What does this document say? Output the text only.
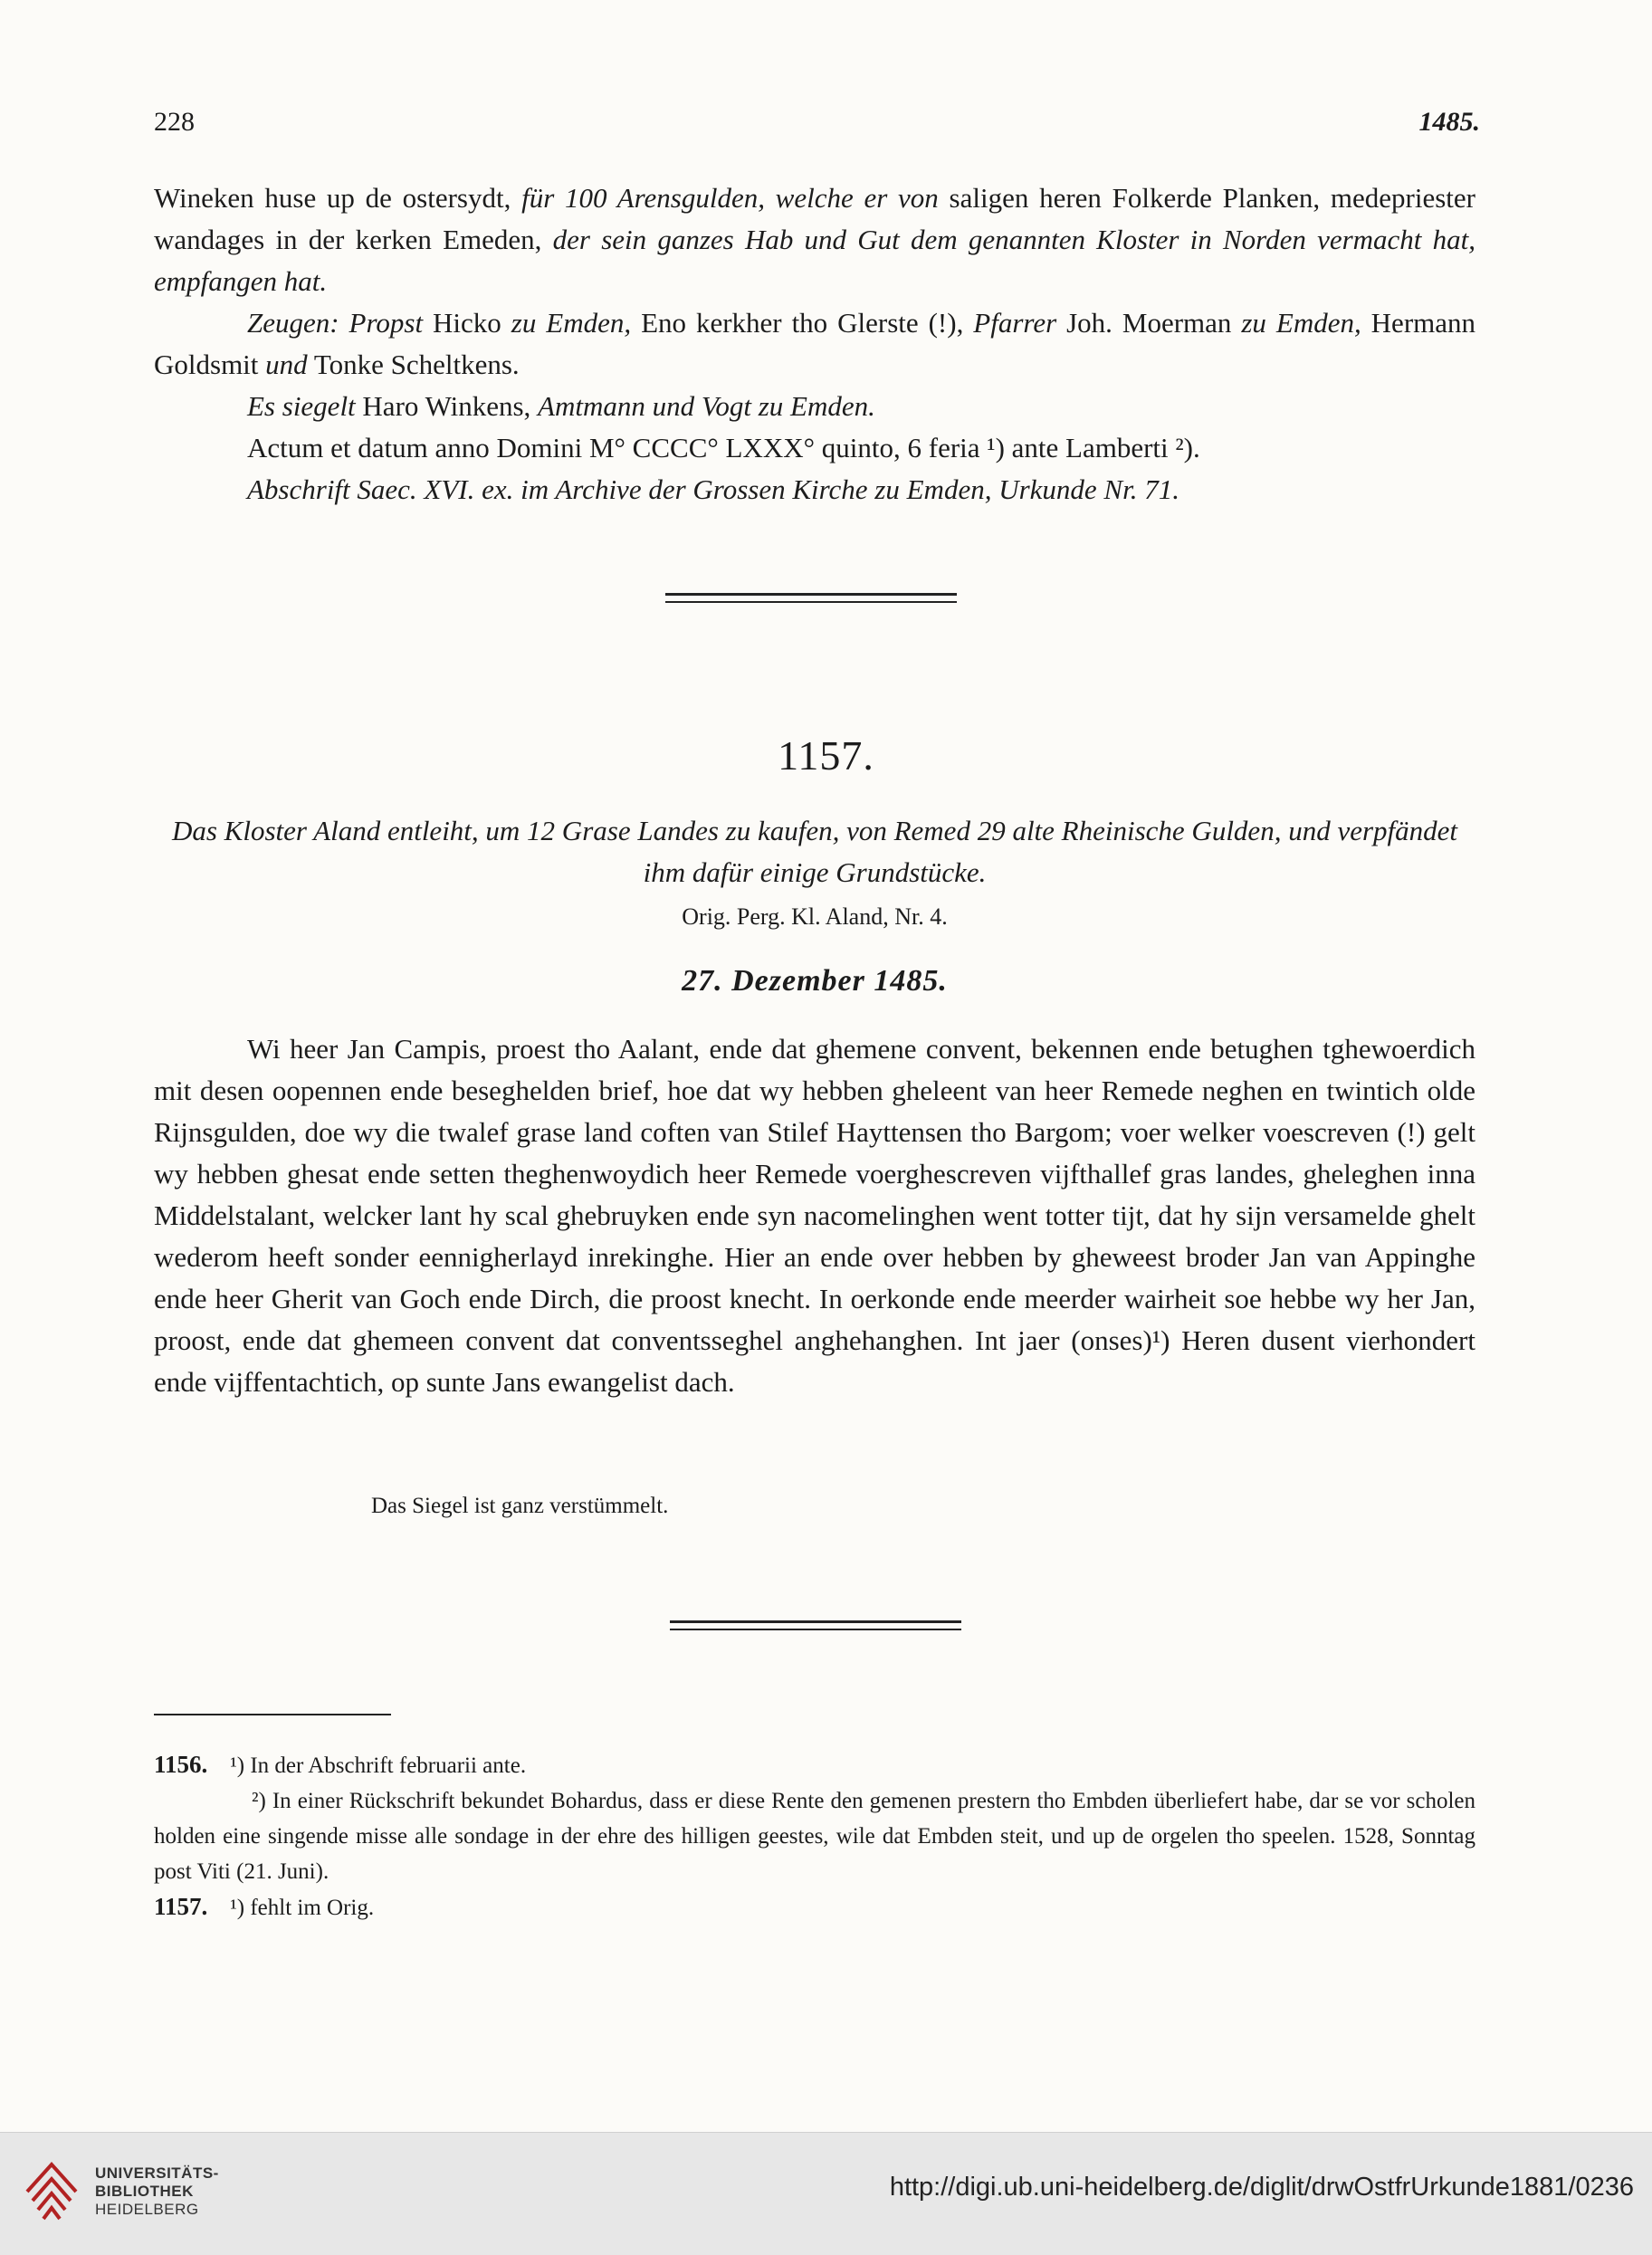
228	1485.

Wineken huse up de ostersydt, für 100 Arensgulden, welche er von saligen heren Folkerde Planken, medepriester wandages in der kerken Emeden, der sein ganzes Hab und Gut dem genannten Kloster in Norden vermacht hat, empfangen hat.

Zeugen: Propst Hicko zu Emden, Eno kerkher tho Glerste (!), Pfarrer Joh. Moerman zu Emden, Hermann Goldsmit und Tonke Scheltkens.

Es siegelt Haro Winkens, Amtmann und Vogt zu Emden.

Actum et datum anno Domini M° CCCC° LXXX° quinto, 6 feria ¹) ante Lamberti ²).

Abschrift Saec. XVI. ex. im Archive der Grossen Kirche zu Emden, Urkunde Nr. 71.

1157.
Das Kloster Aland entleiht, um 12 Grase Landes zu kaufen, von Remed 29 alte Rheinische Gulden, und verpfändet ihm dafür einige Grundstücke.
Orig. Perg. Kl. Aland, Nr. 4.
27. Dezember 1485.

Wi heer Jan Campis, proest tho Aalant, ende dat ghemene convent, bekennen ende betughen tghewoerdich mit desen oopennen ende beseghelden brief, hoe dat wy hebben gheleent van heer Remede neghen en twintich olde Rijnsgulden, doe wy die twalef grase land coften van Stilef Hayttensen tho Bargom; voer welker voescreven (!) gelt wy hebben ghesat ende setten theghenwoydich heer Remede voerghescreven vijfthallef gras landes, gheleghen inna Middelstalant, welcker lant hy scal ghebruyken ende syn nacomelinghen went totter tijt, dat hy sijn versamelde ghelt wederom heeft sonder eennigherlayd inrekinghe. Hier an ende over hebben by gheweest broder Jan van Appinghe ende heer Gherit van Goch ende Dirch, die proost knecht. In oerkonde ende meerder wairheit soe hebbe wy her Jan, proost, ende dat ghemeen convent dat conventsseghel anghehanghen. Int jaer (onses)¹) Heren dusent vierhondert ende vijffentachtich, op sunte Jans ewangelist dach.

Das Siegel ist ganz verstümmelt.

1156. ¹) In der Abschrift februarii ante.

²) In einer Rückschrift bekundet Bohardus, dass er diese Rente den gemenen prestern tho Embden überliefert habe, dar se vor scholen holden eine singende misse alle sondage in der ehre des hilligen geestes, wile dat Embden steit, und up de orgelen tho speelen. 1528, Sonntag post Viti (21. Juni).

1157. ¹) fehlt im Orig.

UNIVERSITÄTS-
BIBLIOTHEK
HEIDELBERG
http://digi.ub.uni-heidelberg.de/diglit/drwOstfrUrkunde1881/0236
